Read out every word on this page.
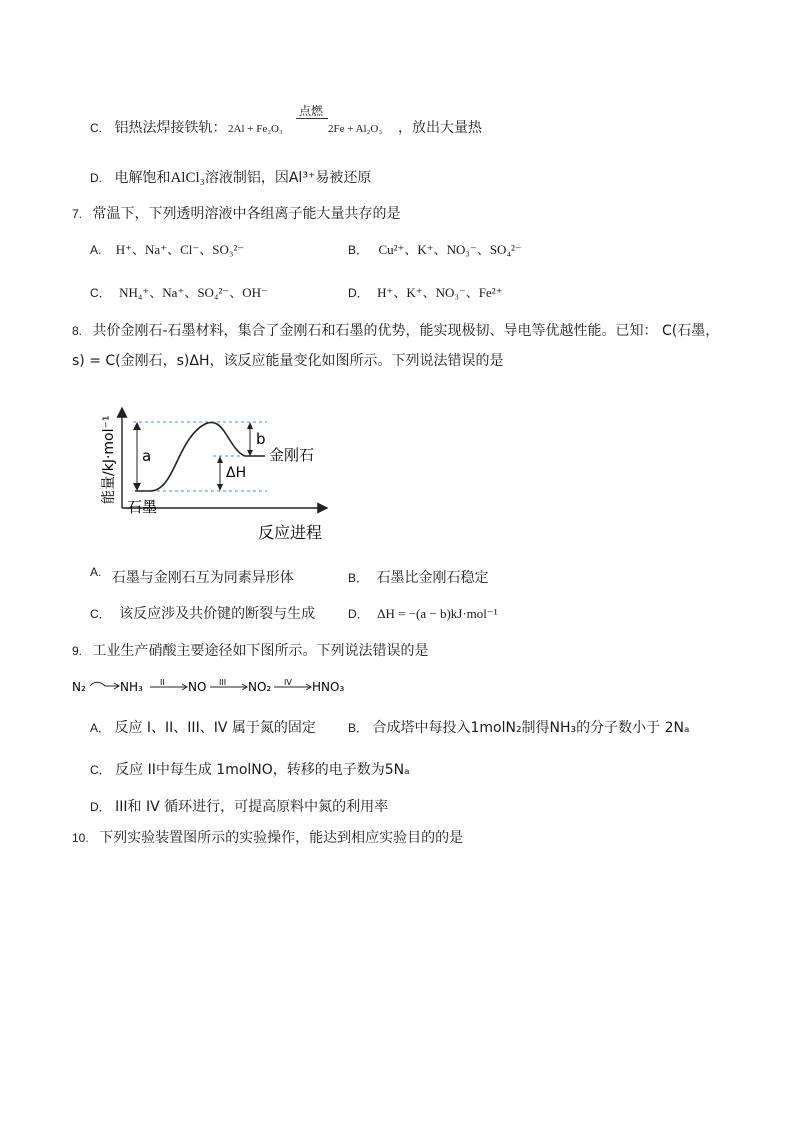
C. 铝热法焊接铁轨： 2Al + Fe₂O₃
点燃
2Fe + Al₂O₃ ，放出大量热
D. 电解饱和AlCl₃溶液制铝，因Al³⁺易被还原
7. 常温下，下列透明溶液中各组离子能大量共存的是
A. H⁺、Na⁺、Cl⁻、SO₃²⁻	B． Cu²⁺、K⁺、NO₃⁻、SO₄²⁻
C． NH₄⁺、Na⁺、SO₄²⁻、OH⁻	D． H⁺、K⁺、NO₃⁻、Fe²⁺
8. 共价金刚石-石墨材料，集合了金刚石和石墨的优势，能实现极韧、导电等优越性能。已知： C(石墨，
s) = C(金刚石，s)ΔH，该反应能量变化如图所示。下列说法错误的是
a
b
ΔH
金刚石
石墨
反应进程
能量/kJ·mol⁻¹
A. 石墨与金刚石互为同素异形体	B． 石墨比金刚石稳定
C． 该反应涉及共价键的断裂与生成	D． ΔH = −(a − b)kJ·mol⁻¹
9. 工业生产硝酸主要途径如下图所示。下列说法错误的是
N₂	NH₃ II NO III NO₂ IV HNO₃
A． 反应 I、II、III、IV 属于氮的固定	B． 合成塔中每投入1molN₂制得NH₃的分子数小于 2Nₐ
C． 反应 II中每生成 1molNO，转移的电子数为5Nₐ
D． III和 IV 循环进行，可提高原料中氮的利用率
10. 下列实验装置图所示的实验操作，能达到相应实验目的的是
